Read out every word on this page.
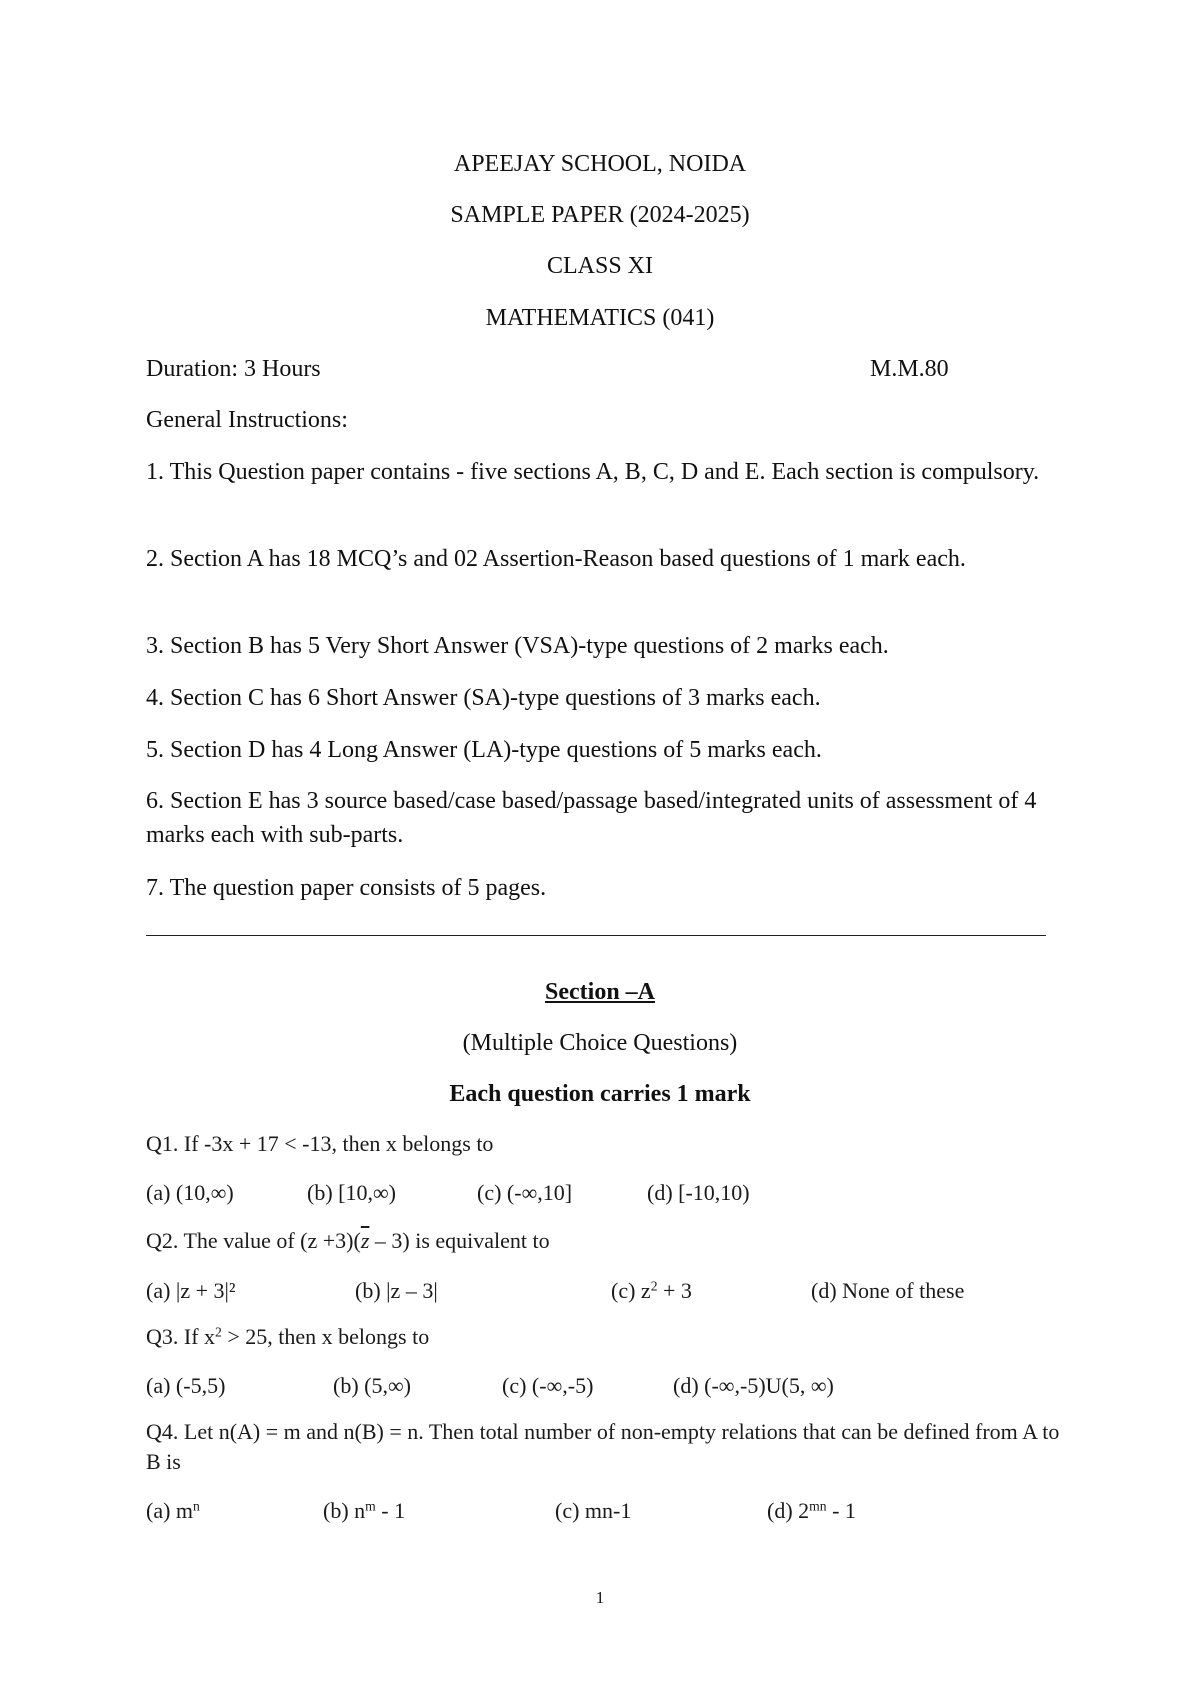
APEEJAY SCHOOL, NOIDA
SAMPLE PAPER (2024-2025)
CLASS XI
MATHEMATICS (041)
Duration: 3 Hours	M.M.80
General Instructions:
1. This Question paper contains - five sections A, B, C, D and E. Each section is compulsory.
2. Section A has 18 MCQ’s and 02 Assertion-Reason based questions of 1 mark each.
3. Section B has 5 Very Short Answer (VSA)-type questions of 2 marks each.
4. Section C has 6 Short Answer (SA)-type questions of 3 marks each.
5. Section D has 4 Long Answer (LA)-type questions of 5 marks each.
6. Section E has 3 source based/case based/passage based/integrated units of assessment of 4 marks each with sub-parts.
7. The question paper consists of 5 pages.
Section –A
(Multiple Choice Questions)
Each question carries 1 mark
Q1. If -3x + 17 < -13, then x belongs to
(a) (10,∞)	(b) [10,∞)	(c) (-∞,10]	(d) [-10,10)
Q2. The value of $(z +3)(\overline{z} - 3)$ is equivalent to
(a) |z + 3|²	(b) |z – 3|	(c) $z^2 + 3$	(d) None of these
Q3. If $x^2 > 25$, then x belongs to
(a) (-5,5)	(b) (5,∞)	(c) (-∞,-5)	(d) (-∞,-5)U(5, ∞)
Q4. Let n(A) = m and n(B) = n. Then total number of non-empty relations that can be defined from A to B is
(a) $m^n$	(b) $n^m - 1$	(c) mn-1	(d) $2^{mn} - 1$
1
